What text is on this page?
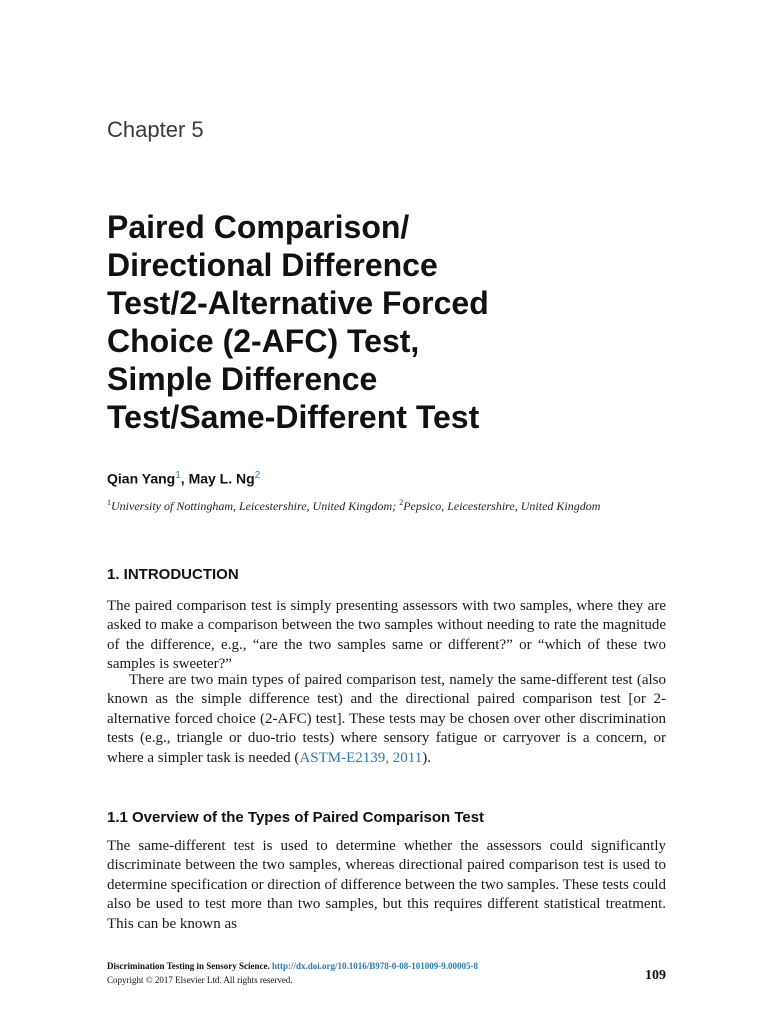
Chapter 5
Paired Comparison/
Directional Difference
Test/2-Alternative Forced
Choice (2-AFC) Test,
Simple Difference
Test/Same-Different Test
Qian Yang$^1$, May L. Ng$^2$
$^1$University of Nottingham, Leicestershire, United Kingdom; $^2$Pepsico, Leicestershire, United Kingdom
1. INTRODUCTION

The paired comparison test is simply presenting assessors with two samples, where they are asked to make a comparison between the two samples without needing to rate the magnitude of the difference, e.g., “are the two samples same or different?” or “which of these two samples is sweeter?”

There are two main types of paired comparison test, namely the same-different test (also known as the simple difference test) and the directional paired comparison test [or 2-alternative forced choice (2-AFC) test]. These tests may be chosen over other discrimination tests (e.g., triangle or duo-trio tests) where sensory fatigue or carryover is a concern, or where a simpler task is needed (ASTM-E2139, 2011).

1.1 Overview of the Types of Paired Comparison Test

The same-different test is used to determine whether the assessors could significantly discriminate between the two samples, whereas directional paired comparison test is used to determine specification or direction of difference between the two samples. These tests could also be used to test more than two samples, but this requires different statistical treatment. This can be known as

Discrimination Testing in Sensory Science. http://dx.doi.org/10.1016/B978-0-08-101009-9.00005-8
Copyright © 2017 Elsevier Ltd. All rights reserved.	109
